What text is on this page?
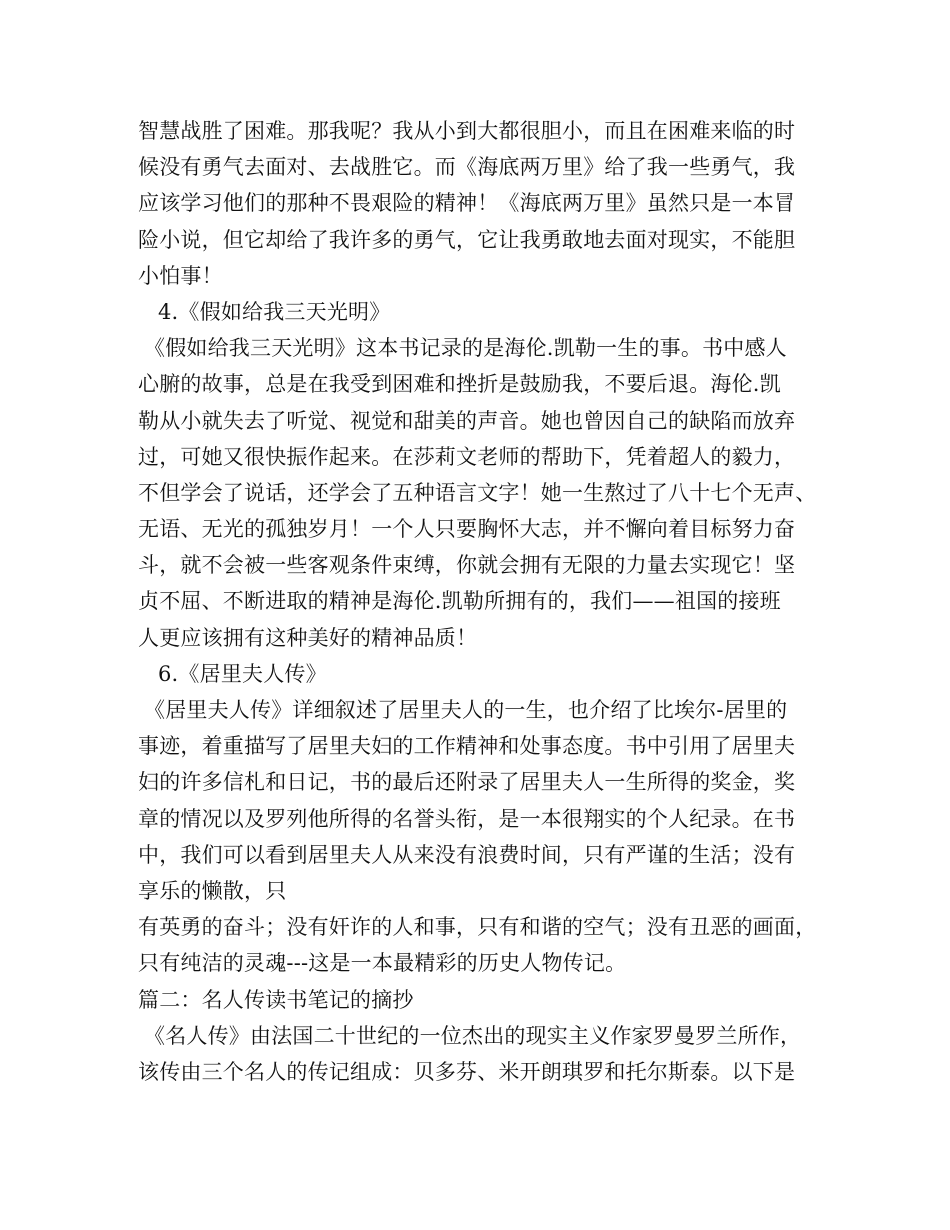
智慧战胜了困难。那我呢？我从小到大都很胆小，而且在困难来临的时
候没有勇气去面对、去战胜它。而《海底两万里》给了我一些勇气，我
应该学习他们的那种不畏艰险的精神！《海底两万里》虽然只是一本冒
险小说，但它却给了我许多的勇气，它让我勇敢地去面对现实，不能胆
小怕事！
4.《假如给我三天光明》
《假如给我三天光明》这本书记录的是海伦.凯勒一生的事。书中感人
心腑的故事，总是在我受到困难和挫折是鼓励我，不要后退。海伦.凯
勒从小就失去了听觉、视觉和甜美的声音。她也曾因自己的缺陷而放弃
过，可她又很快振作起来。在莎莉文老师的帮助下，凭着超人的毅力，
不但学会了说话，还学会了五种语言文字！她一生熬过了八十七个无声、
无语、无光的孤独岁月！一个人只要胸怀大志，并不懈向着目标努力奋
斗，就不会被一些客观条件束缚，你就会拥有无限的力量去实现它！坚
贞不屈、不断进取的精神是海伦.凯勒所拥有的，我们——祖国的接班
人更应该拥有这种美好的精神品质！
6.《居里夫人传》
《居里夫人传》详细叙述了居里夫人的一生，也介绍了比埃尔-居里的
事迹，着重描写了居里夫妇的工作精神和处事态度。书中引用了居里夫
妇的许多信札和日记，书的最后还附录了居里夫人一生所得的奖金，奖
章的情况以及罗列他所得的名誉头衔，是一本很翔实的个人纪录。在书
中，我们可以看到居里夫人从来没有浪费时间，只有严谨的生活；没有
享乐的懒散，只
有英勇的奋斗；没有奸诈的人和事，只有和谐的空气；没有丑恶的画面，
只有纯洁的灵魂---这是一本最精彩的历史人物传记。
篇二：名人传读书笔记的摘抄
《名人传》由法国二十世纪的一位杰出的现实主义作家罗曼罗兰所作，
该传由三个名人的传记组成：贝多芬、米开朗琪罗和托尔斯泰。以下是
